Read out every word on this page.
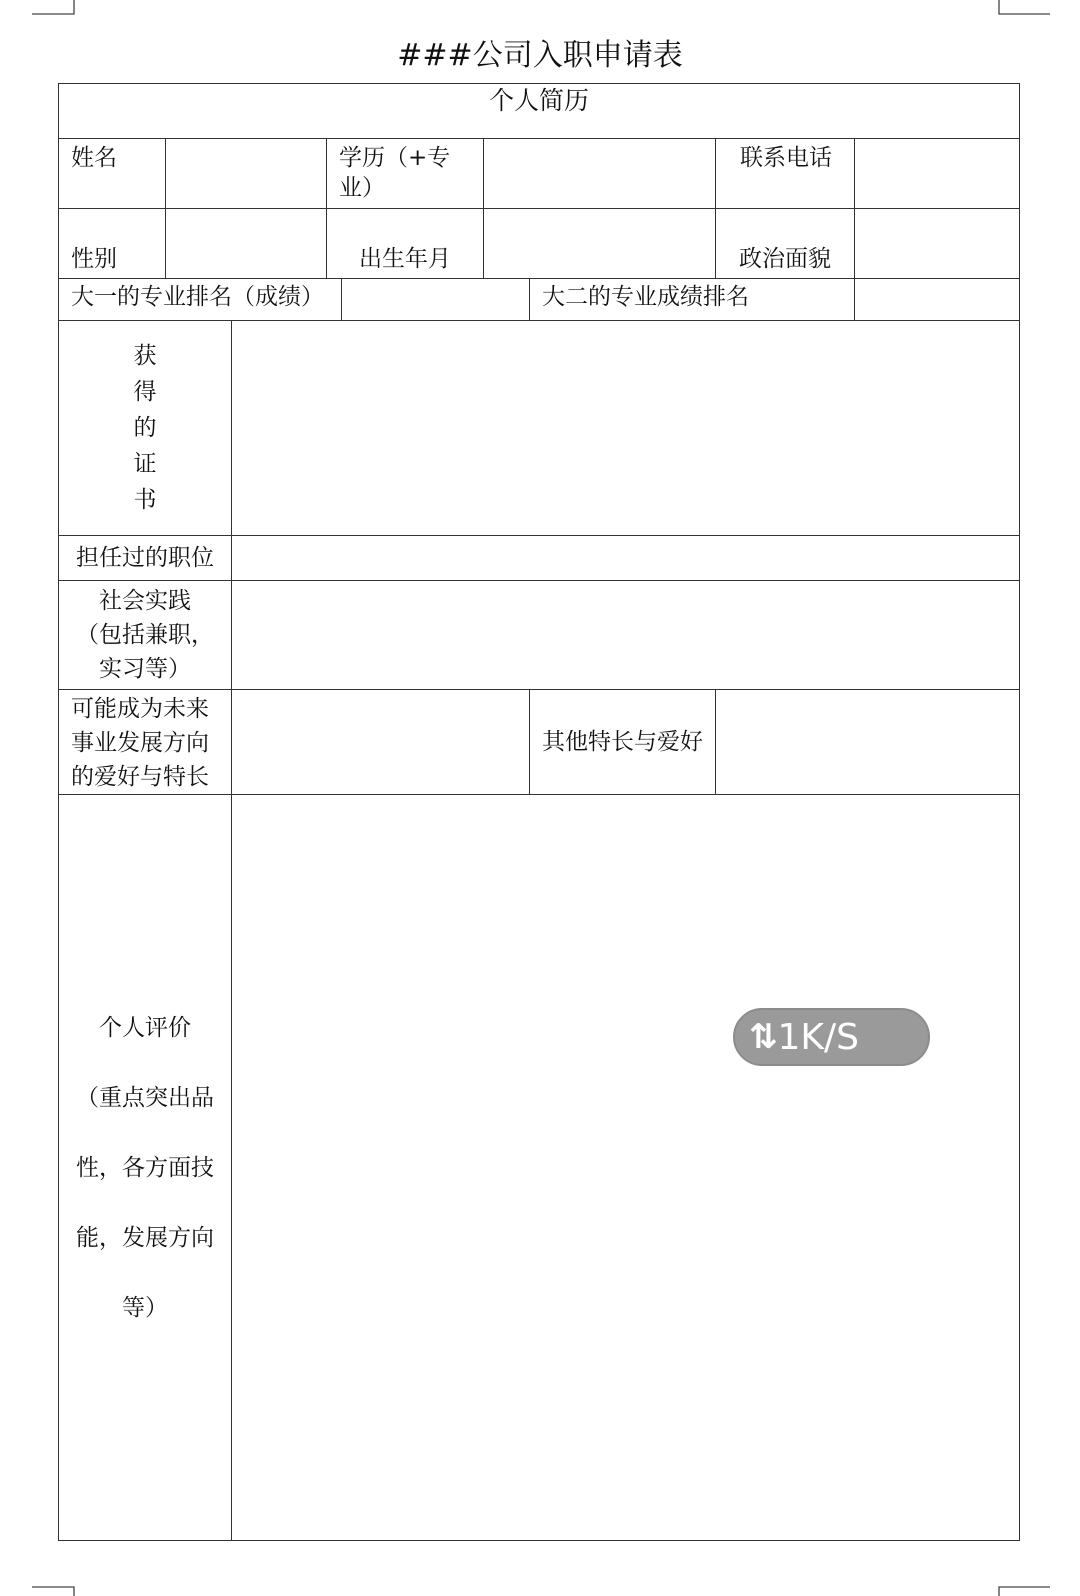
###公司入职申请表
个人简历								
姓名			学历（+专业）				联系电话	
性别			出生年月				政治面貌	
大一的专业排名（成绩）						大二的专业成绩排名		

获
得
的
证
书								

担任过的职位								

社会实践
（包括兼职，
实习等）								

可能成为未来
事业发展方向
的爱好与特长						其他特长与爱好		

个人评价
（重点突出品
性，各方面技
能，发展方向
等）								

⇅ 1K/S
